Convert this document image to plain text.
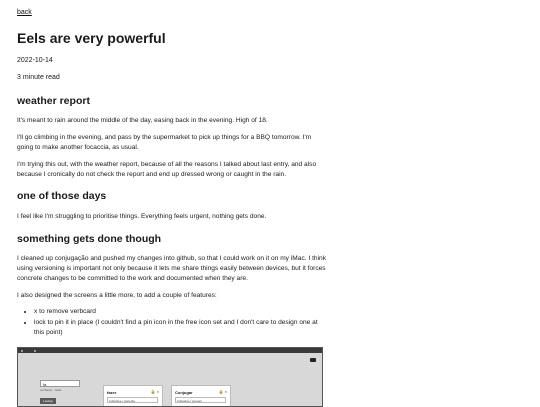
back
Eels are very powerful
2022-10-14
3 minute read
weather report

It's meant to rain around the middle of the day, easing back in the evening. High of 18.

I'll go climbing in the evening, and pass by the supermarket to pick up things for a BBQ tomorrow. I'm going to make another focaccia, as usual.

I'm trying this out, with the weather report, because of all the reasons I talked about last entry, and also because I cronically do not check the report and end up dressed wrong or caught in the rain.

one of those days

I feel like I'm struggling to prioritise things. Everything feels urgent, nothing gets done.

something gets done though

I cleaned up conjugação and pushed my changes into github, so that I could work on it on my iMac. I think using versioning is important not only because it lets me share things easily between devices, but it forces concrete changes to be committed to the work and documented when they are.

I also designed the screens a little more, to add a couple of features:

• x to remove verbcard
• lock to pin it in place (I couldn't find a pin icon in the free icon set and I don't care to design one at this point)
fa
conhecer · fazer
Lookup
fazer	🔒 ×
indicative / preterite
Conjugar	🔒 ×
indicative / present
